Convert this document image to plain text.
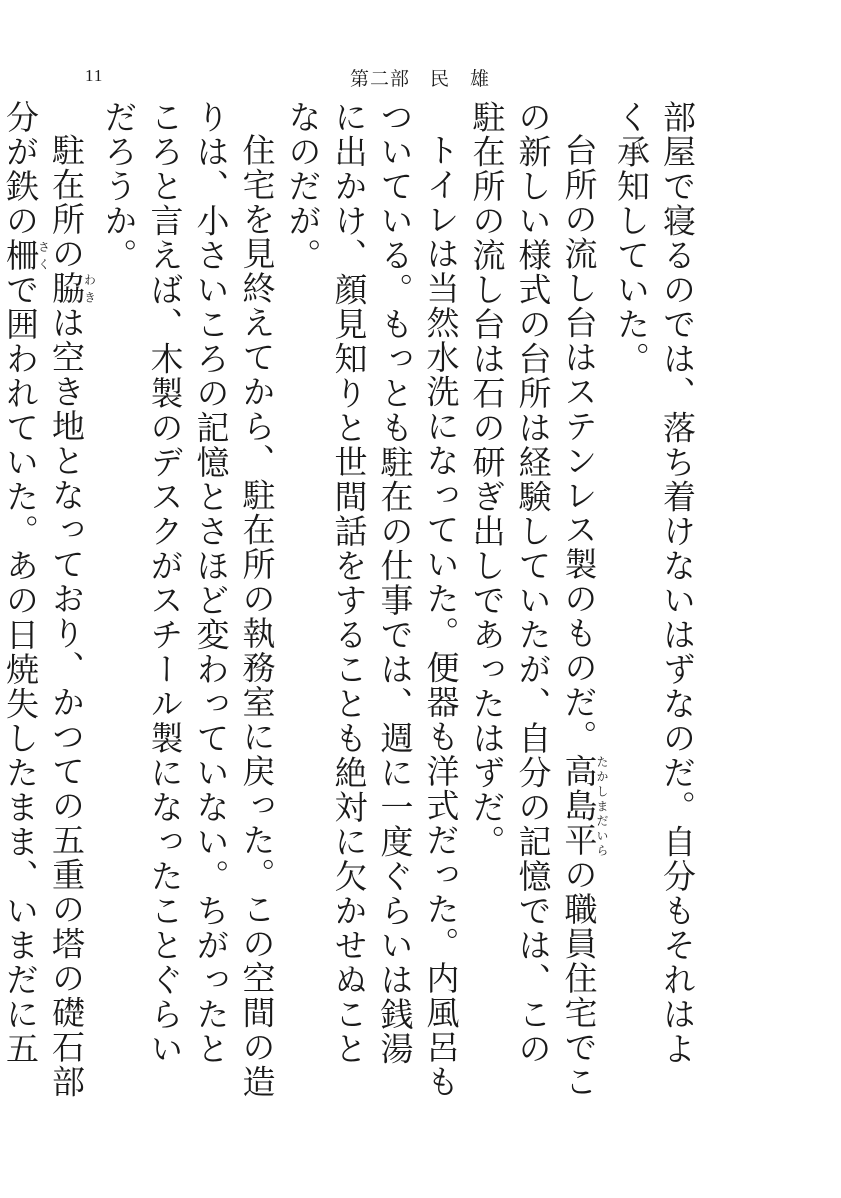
11	第二部　民　雄

部屋で寝るのでは、落ち着けないはずなのだ。自分もそれはよく承知していた。

台所の流し台はステンレス製のものだ。高島平たかしまだいらの職員住宅でこの新しい様式の台所は経験していたが、自分の記憶では、この駐在所の流し台は石の研ぎ出しであったはずだ。

トイレは当然水洗になっていた。便器も洋式だった。内風呂もついている。もっとも駐在の仕事では、週に一度ぐらいは銭湯に出かけ、顔見知りと世間話をすることも絶対に欠かせぬことなのだが。

住宅を見終えてから、駐在所の執務室に戻った。この空間の造りは、小さいころの記憶とさほど変わっていない。ちがったところと言えば、木製のデスクがスチール製になったことぐらいだろうか。

駐在所の脇わきは空き地となっており、かつての五重の塔の礎石部分が鉄の柵さくで囲われていた。あの日焼失したまま、いまだに五
